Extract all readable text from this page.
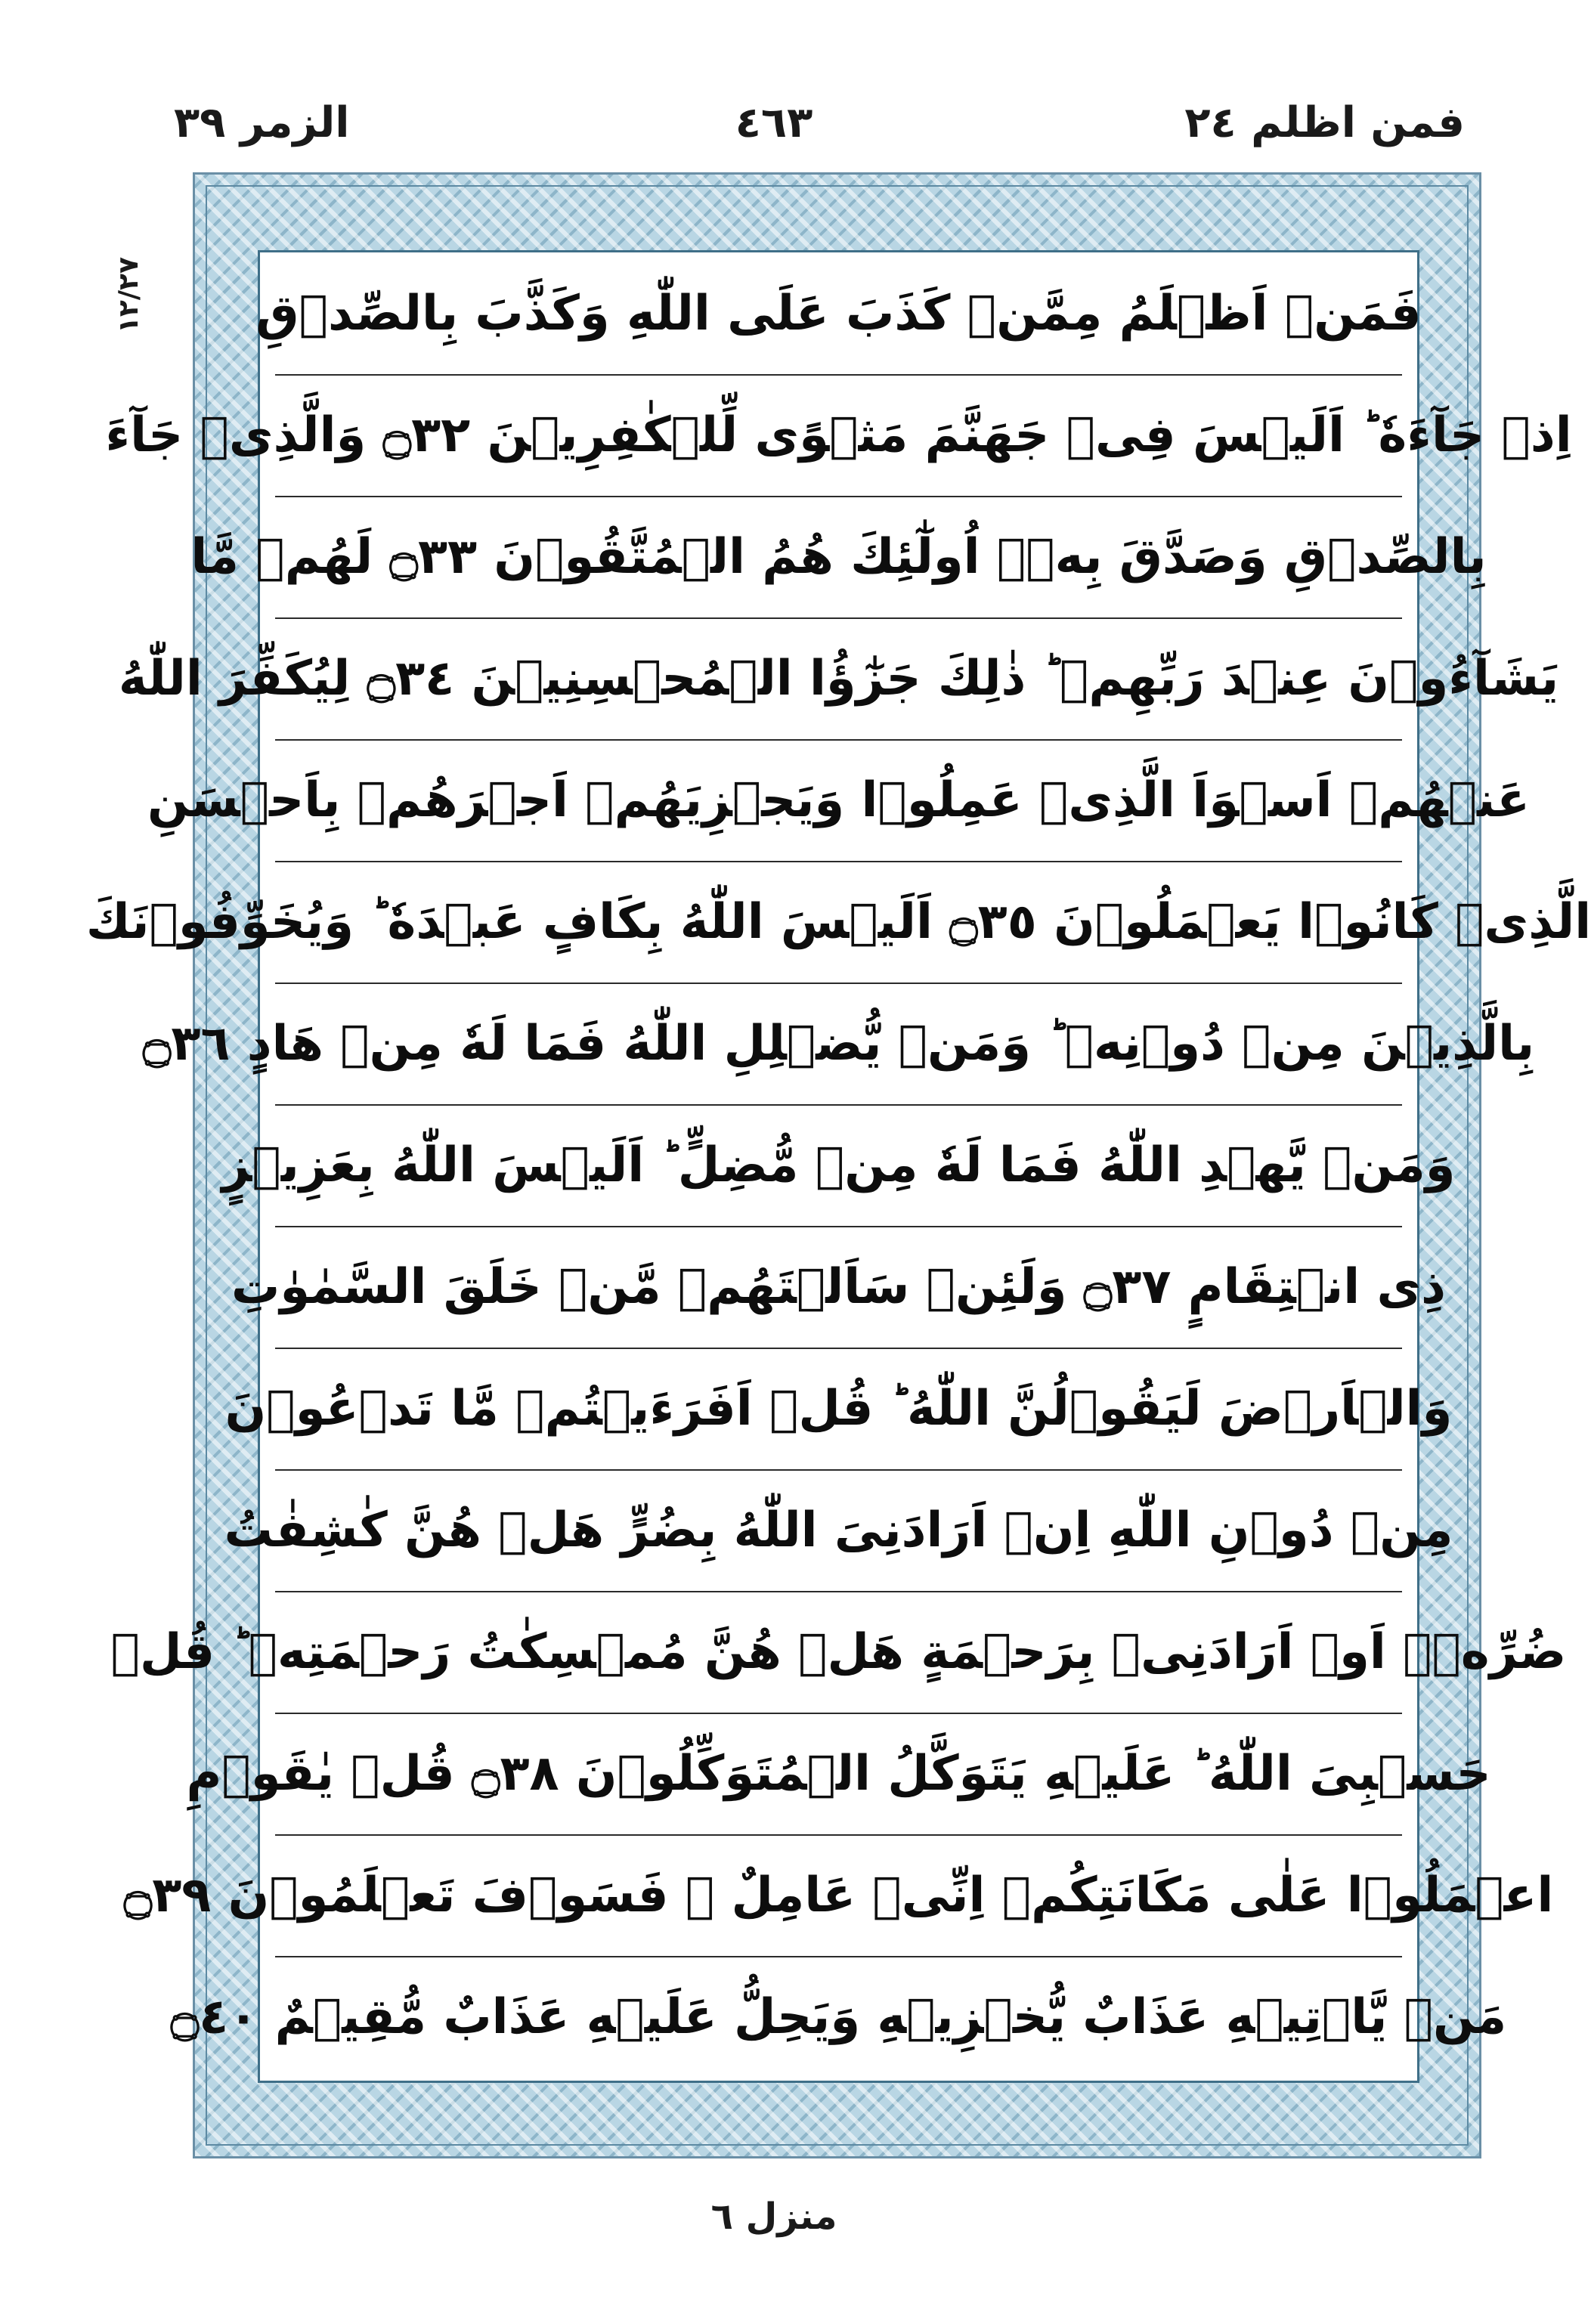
فمن اظلم ٢٤
٤٦٣
الزمر ٣٩
۱۲/۲۷ فَمَنۡ اَظۡلَمُ مِمَّنۡ كَذَبَ عَلَى اللّٰهِ وَكَذَّبَ بِالصِّدۡقِ
اِذۡ جَآءَهٗ ؕ اَلَيۡسَ فِىۡ جَهَنَّمَ مَثۡوًى لِّلۡكٰفِرِيۡنَ ۝٣٢ وَالَّذِىۡ جَآءَ
بِالصِّدۡقِ وَصَدَّقَ بِهٖۤ اُولٰٓئِكَ هُمُ الۡمُتَّقُوۡنَ ۝٣٣ لَهُمۡ مَّا
يَشَآءُوۡنَ عِنۡدَ رَبِّهِمۡ ؕ ذٰلِكَ جَزٰٓؤُا الۡمُحۡسِنِيۡنَ ۝٣٤ لِيُكَفِّرَ اللّٰهُ
عَنۡهُمۡ اَسۡوَاَ الَّذِىۡ عَمِلُوۡا وَيَجۡزِيَهُمۡ اَجۡرَهُمۡ بِاَحۡسَنِ
الَّذِىۡ كَانُوۡا يَعۡمَلُوۡنَ ۝٣٥ اَلَيۡسَ اللّٰهُ بِكَافٍ عَبۡدَهٗ ؕ وَيُخَوِّفُوۡنَكَ
بِالَّذِيۡنَ مِنۡ دُوۡنِهٖ ؕ وَمَنۡ يُّضۡلِلِ اللّٰهُ فَمَا لَهٗ مِنۡ هَادٍ ۝٣٦
وَمَنۡ يَّهۡدِ اللّٰهُ فَمَا لَهٗ مِنۡ مُّضِلٍّ ؕ اَلَيۡسَ اللّٰهُ بِعَزِيۡزٍ
ذِى انۡتِقَامٍ ۝٣٧ وَلَئِنۡ سَاَلۡتَهُمۡ مَّنۡ خَلَقَ السَّمٰوٰتِ
وَالۡاَرۡضَ لَيَقُوۡلُنَّ اللّٰهُ ؕ قُلۡ اَفَرَءَيۡتُمۡ مَّا تَدۡعُوۡنَ
مِنۡ دُوۡنِ اللّٰهِ اِنۡ اَرَادَنِىَ اللّٰهُ بِضُرٍّ هَلۡ هُنَّ كٰشِفٰتُ
ضُرِّهٖۤ اَوۡ اَرَادَنِىۡ بِرَحۡمَةٍ هَلۡ هُنَّ مُمۡسِكٰتُ رَحۡمَتِهٖ ؕ قُلۡ
حَسۡبِىَ اللّٰهُ ؕ عَلَيۡهِ يَتَوَكَّلُ الۡمُتَوَكِّلُوۡنَ ۝٣٨ قُلۡ يٰقَوۡمِ
اعۡمَلُوۡا عَلٰى مَكَانَتِكُمۡ اِنِّىۡ عَامِلٌ ۚ فَسَوۡفَ تَعۡلَمُوۡنَ ۝٣٩
مَنۡ يَّاۡتِيۡهِ عَذَابٌ يُّخۡزِيۡهِ وَيَحِلُّ عَلَيۡهِ عَذَابٌ مُّقِيۡمٌ ۝٤٠
منزل ٦
